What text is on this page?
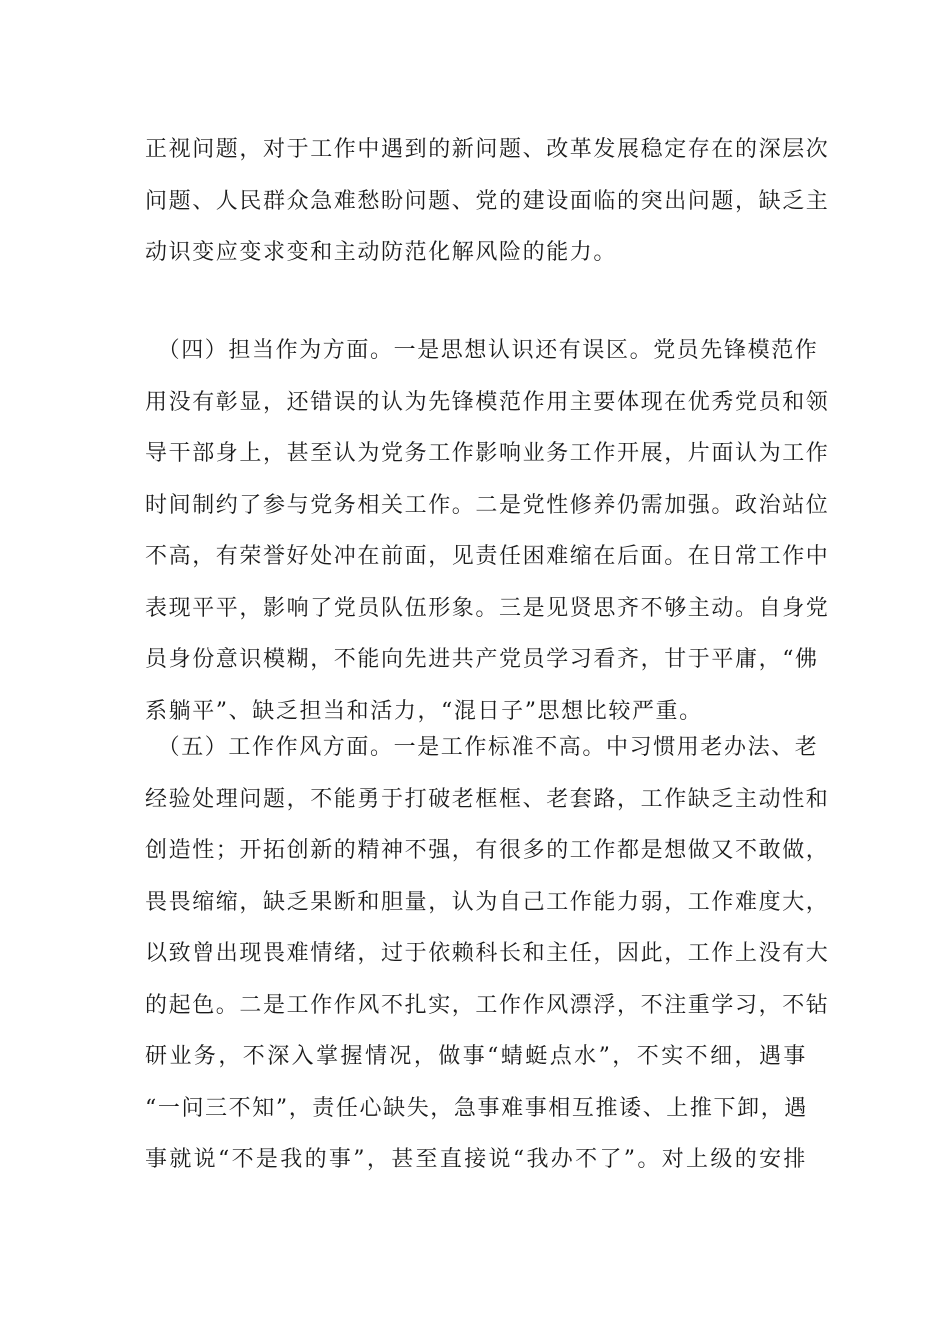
正视问题，对于工作中遇到的新问题、改革发展稳定存在的深层次
问题、人民群众急难愁盼问题、党的建设面临的突出问题，缺乏主
动识变应变求变和主动防范化解风险的能力。
　（四）担当作为方面。一是思想认识还有误区。党员先锋模范作
用没有彰显，还错误的认为先锋模范作用主要体现在优秀党员和领
导干部身上，甚至认为党务工作影响业务工作开展，片面认为工作
时间制约了参与党务相关工作。二是党性修养仍需加强。政治站位
不高，有荣誉好处冲在前面，见责任困难缩在后面。在日常工作中
表现平平，影响了党员队伍形象。三是见贤思齐不够主动。自身党
员身份意识模糊，不能向先进共产党员学习看齐，甘于平庸，“佛
系躺平”、缺乏担当和活力，“混日子”思想比较严重。
　（五）工作作风方面。一是工作标准不高。中习惯用老办法、老
经验处理问题，不能勇于打破老框框、老套路，工作缺乏主动性和
创造性；开拓创新的精神不强，有很多的工作都是想做又不敢做，
畏畏缩缩，缺乏果断和胆量，认为自己工作能力弱，工作难度大，
以致曾出现畏难情绪，过于依赖科长和主任，因此，工作上没有大
的起色。二是工作作风不扎实，工作作风漂浮，不注重学习，不钻
研业务，不深入掌握情况，做事“蜻蜓点水”，不实不细，遇事
“一问三不知”，责任心缺失，急事难事相互推诿、上推下卸，遇
事就说“不是我的事”，甚至直接说“我办不了”。对上级的安排
